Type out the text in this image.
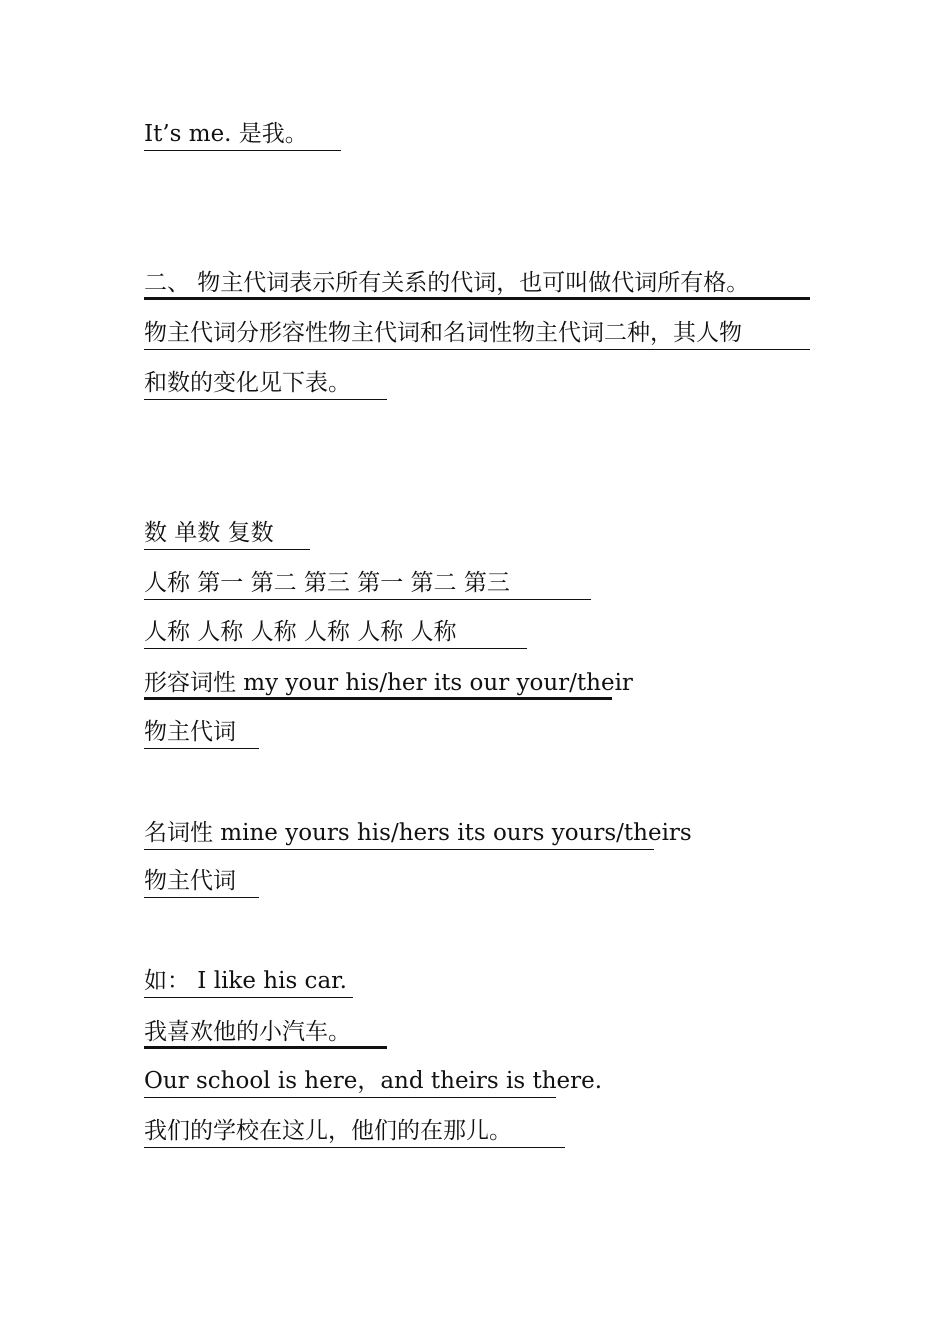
It’s me. 是我。
二、 物主代词表示所有关系的代词，也可叫做代词所有格。
物主代词分形容性物主代词和名词性物主代词二种，其人物
和数的变化见下表。
数 单数 复数
人称 第一 第二 第三 第一 第二 第三
人称 人称 人称 人称 人称 人称
形容词性 my your his/her its our your/their
物主代词
名词性 mine yours his/hers its ours yours/theirs
物主代词
如： I like his car.
我喜欢他的小汽车。
Our school is here，and theirs is there.
我们的学校在这儿，他们的在那儿。
